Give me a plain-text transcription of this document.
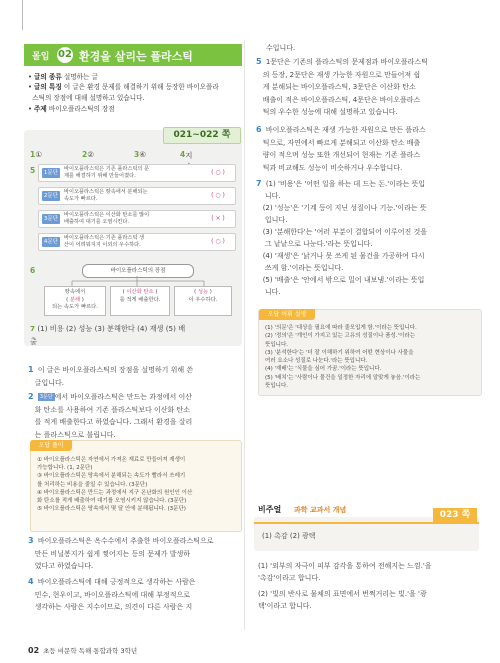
몰입 02 환경을 살리는 플라스틱
• 글의 종류 설명하는 글
• 글의 특징 이 글은 환경 문제를 해결하기 위해 등장한 바이오플라
스틱의 장점에 대해 설명하고 있습니다.
• 주제 바이오플라스틱의 장점
021~022 쪽
1 ①	2 ②	3 ④	4 지
5	1문단
바이오플라스틱은 기존 플라스틱의 문
제를 해결하기 위해 만들어졌다.	( ○ )
2문단
바이오플라스틱은 땅속에서 분해되는
속도가 빠르다.	( ○ )
3문단
바이오플라스틱은 이산화 탄소를 많이
배출하여 대기를 오염시킨다.	( × )
4문단
바이오플라스틱은 기존 플라스틱 생
산이 어려워지지 이외의 우수하다.	( ○ )
6	바이오플라스틱의 장점
땅속에서
( 분해 )
되는 속도가 빠르다.
( 이산화 탄소 )
를 적게 배출한다.
( 성능 )
이 우수하다.
7 (1) 비용 (2) 성능 (3) 분해한다 (4) 재생 (5) 배
출
1 이 글은 바이오플라스틱의 장점을 설명하기 위해 쓴
글입니다.
2 3문단 에서 바이오플라스틱은 만드는 과정에서 이산
화 탄소를 사용하여 기존 플라스틱보다 이산화 탄소
를 적게 배출한다고 하였습니다. 그래서 환경을 살리
는 플라스틱으로 불립니다.
오답 풀이
① 바이오플라스틱은 자연에서 가져온 재료로 만들어져 재생이
가능합니다. (1, 2문단)
③ 바이오플라스틱은 땅속에서 분해되는 속도가 빨라서 쓰레기
를 처리하는 비용을 줄일 수 있습니다. (3문단)
④ 바이오플라스틱은 만드는 과정에서 지구 온난화의 원인인 이산
화 탄소를 적게 배출하여 대기를 오염시키지 않습니다. (3문단)
⑤ 바이오플라스틱은 땅속에서 몇 달 안에 분해됩니다. (3문단)
3 바이오플라스틱은 옥수수에서 추출한 바이오플라스틱으로
만든 비닐봉지가 쉽게 찢어지는 등의 문제가 발생하
였다고 하였습니다.
4 바이오플라스틱에 대해 긍정적으로 생각하는 사람은
민수, 현우이고, 바이오플라스틱에 대해 부정적으로
생각하는 사람은 지수이므로, 의견이 다른 사람은 지
수입니다.
5 1문단은 기존의 플라스틱의 문제점과 바이오플라스틱
의 등장, 2문단은 재생 가능한 자원으로 만들어져 쉽
게 분해되는 바이오플라스틱, 3문단은 이산화 탄소
배출이 적은 바이오플라스틱, 4문단은 바이오플라스
틱의 우수한 성능에 대해 설명하고 있습니다.
6 바이오플라스틱은 재생 가능한 자원으로 만든 플라스
틱으로, 자연에서 빠르게 분해되고 이산화 탄소 배출
량이 적으며 성능 또한 개선되어 현재는 기존 플라스
틱과 비교해도 성능이 비슷하거나 우수합니다.
7 (1) '비용'은 '어떤 일을 하는 데 드는 돈.'이라는 뜻입
니다.
(2) '성능'은 '기계 등이 지닌 성질이나 기능.'이라는 뜻
입니다.
(3) '분해한다'는 '여러 부분이 결합되어 이루어진 것을
그 낱낱으로 나눈다.'라는 뜻입니다.
(4) '재생'은 '낡거나 못 쓰게 된 물건을 가공하여 다시
쓰게 함.'이라는 뜻입니다.
(5) '배출'은 '안에서 밖으로 밀어 내보냄.'이라는 뜻입
니다.
오답 어휘 설명
(1) '의문'은 '대상을 필요에 따라 줄모입게 함.'이라는 뜻입니다.
(2) '정의'은 '개인이 가지고 있는 고유의 성질이나 품성.'이라는
뜻입니다.
(3) '분석한다'는 '더 잘 이해하기 위하여 어떤 현상이나 사물을
여러 요소나 성질로 나눈다.'라는 뜻입니다.
(4) '재배'는 '식물을 심어 가꿈.'이라는 뜻입니다.
(5) '배치'는 '사람이나 물건을 일정한 자리에 알맞게 놓음.'이라는
뜻입니다.
비주얼 과학 교과서 개념	023 쪽
(1) 촉감 (2) 광택
(1) '외부의 자극이 피부 감각을 통하여 전해지는 느낌.'을
'촉감'이라고 합니다.
(2) '빛의 반사로 물체의 표면에서 번쩍거리는 빛.'을 '광
택'이라고 합니다.
02 초등 비문학 독해 통합과학 3학년
